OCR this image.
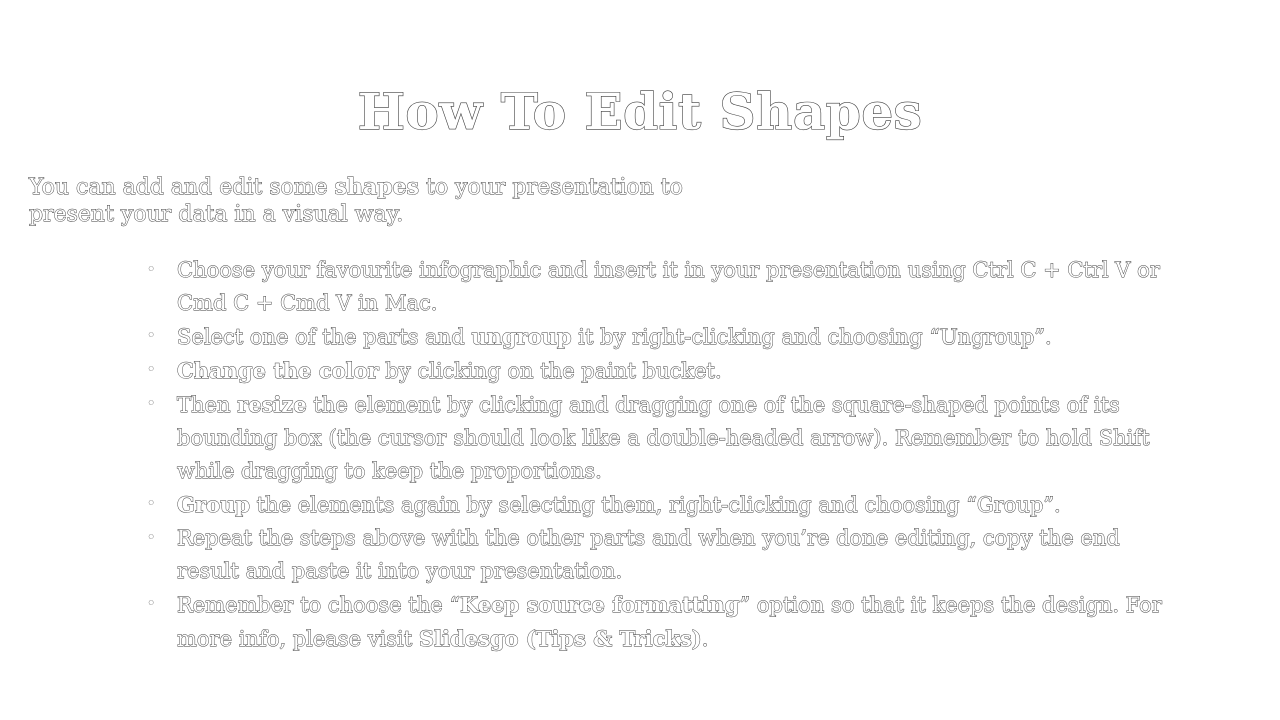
How To Edit Shapes
You can add and edit some shapes to your presentation to present your data in a visual way.
• Choose your favourite infographic and insert it in your presentation using Ctrl C + Ctrl V or Cmd C + Cmd V in Mac.
• Select one of the parts and ungroup it by right-clicking and choosing “Ungroup”.
• Change the color by clicking on the paint bucket.
• Then resize the element by clicking and dragging one of the square-shaped points of its bounding box (the cursor should look like a double-headed arrow). Remember to hold Shift while dragging to keep the proportions.
• Group the elements again by selecting them, right-clicking and choosing “Group”.
• Repeat the steps above with the other parts and when you’re done editing, copy the end result and paste it into your presentation.
• Remember to choose the “Keep source formatting” option so that it keeps the design. For more info, please visit Slidesgo (Tips & Tricks).
